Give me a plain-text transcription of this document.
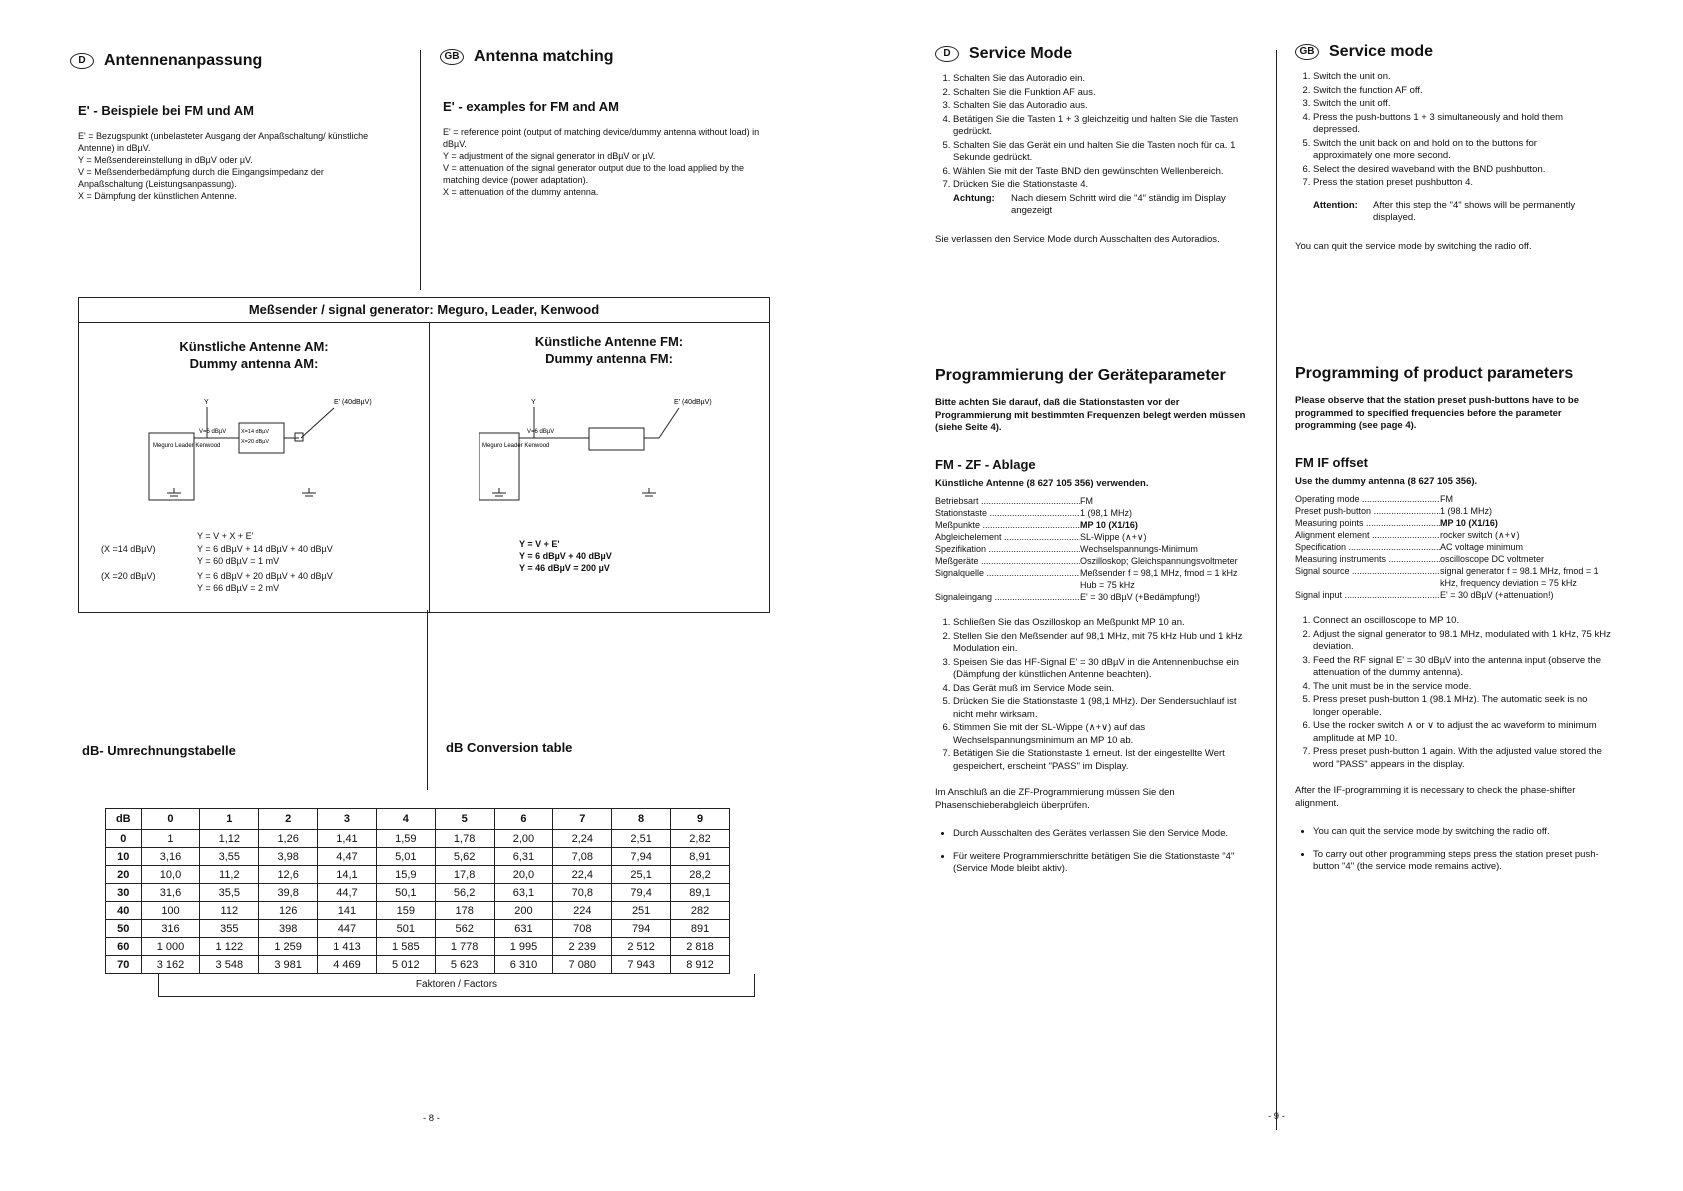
D Antennenanpassung	GB Antenna matching
E' - Beispiele bei FM und AM
E' = Bezugspunkt (unbelasteter Ausgang der Anpaßschaltung/ künstliche Antenne) in dBµV.
Y = Meßsendereinstellung in dBµV oder µV.
V = Meßsenderbedämpfung durch die Eingangsimpedanz der Anpaßschaltung (Leistungsanpassung).
X = Dämpfung der künstlichen Antenne.
E' - examples for FM and AM
E' = reference point (output of matching device/dummy antenna without load) in dBµV.
Y = adjustment of the signal generator in dBµV or µV.
V = attenuation of the signal generator output due to the load applied by the matching device (power adaptation).
X = attenuation of the dummy antenna.
Meßsender / signal generator: Meguro, Leader, Kenwood
Künstliche Antenne AM:
Dummy antenna AM:
Künstliche Antenne FM:
Dummy antenna FM:
Y	E' (40dBµV)
Meguro Leader Kenwood
V=6 dBµV	X=14 dBµV
X=20 dBµV
Y	E' (40dBµV)
Meguro Leader Kenwood
V=6 dBµV
Y = V + X + E'
(X =14 dBµV)	Y = 6 dBµV + 14 dBµV + 40 dBµV
Y = 60 dBµV = 1 mV
(X =20 dBµV)	Y = 6 dBµV + 20 dBµV + 40 dBµV
Y = 66 dBµV = 2 mV
Y = V + E'
Y = 6 dBµV + 40 dBµV
Y = 46 dBµV = 200 µV
dB- Umrechnungstabelle	dB Conversion table
dB	0	1	2	3	4	5	6	7	8	9
0	1	1,12	1,26	1,41	1,59	1,78	2,00	2,24	2,51	2,82
10	3,16	3,55	3,98	4,47	5,01	5,62	6,31	7,08	7,94	8,91
20	10,0	11,2	12,6	14,1	15,9	17,8	20,0	22,4	25,1	28,2
30	31,6	35,5	39,8	44,7	50,1	56,2	63,1	70,8	79,4	89,1
40	100	112	126	141	159	178	200	224	251	282
50	316	355	398	447	501	562	631	708	794	891
60	1 000	1 122	1 259	1 413	1 585	1 778	1 995	2 239	2 512	2 818
70	3 162	3 548	3 981	4 469	5 012	5 623	6 310	7 080	7 943	8 912
Faktoren / Factors
- 8 -
D Service Mode
1. Schalten Sie das Autoradio ein.
2. Schalten Sie die Funktion AF aus.
3. Schalten Sie das Autoradio aus.
4. Betätigen Sie die Tasten 1 + 3 gleichzeitig und halten Sie die Tasten gedrückt.
5. Schalten Sie das Gerät ein und halten Sie die Tasten noch für ca. 1 Sekunde gedrückt.
6. Wählen Sie mit der Taste BND den gewünschten Wellenbereich.
7. Drücken Sie die Stationstaste 4.
Achtung:	Nach diesem Schritt wird die "4" ständig im Display angezeigt
Sie verlassen den Service Mode durch Ausschalten des Autoradios.
GB Service mode
1. Switch the unit on.
2. Switch the function AF off.
3. Switch the unit off.
4. Press the push-buttons 1 + 3 simultaneously and hold them depressed.
5. Switch the unit back on and hold on to the buttons for approximately one more second.
6. Select the desired waveband with the BND pushbutton.
7. Press the station preset pushbutton 4.
Attention:	After this step the "4" shows will be permanently displayed.
You can quit the service mode by switching the radio off.
Programmierung der Geräteparameter
Bitte achten Sie darauf, daß die Stationstasten vor der Programmierung mit bestimmten Frequenzen belegt werden müssen (siehe Seite 4).
FM - ZF - Ablage
Künstliche Antenne (8 627 105 356) verwenden.
Betriebsart .....	FM
Stationstaste .....	1 (98,1 MHz)
Meßpunkte .....	MP 10 (X1/16)
Abgleichelement .....	SL-Wippe (∧+∨)
Spezifikation .....	Wechselspannungs-Minimum
Meßgeräte .....	Oszilloskop; Gleichspannungsvoltmeter
Signalquelle .....	Meßsender f = 98,1 MHz, fmod = 1 kHz Hub = 75 kHz
Signaleingang .....	E' = 30 dBµV (+Bedämpfung!)
1. Schließen Sie das Oszilloskop an Meßpunkt MP 10 an.
2. Stellen Sie den Meßsender auf 98,1 MHz, mit 75 kHz Hub und 1 kHz Modulation ein.
3. Speisen Sie das HF-Signal E' = 30 dBµV in die Antennenbuchse ein (Dämpfung der künstlichen Antenne beachten).
4. Das Gerät muß im Service Mode sein.
5. Drücken Sie die Stationstaste 1 (98,1 MHz). Der Sendersuchlauf ist nicht mehr wirksam.
6. Stimmen Sie mit der SL-Wippe (∧+∨) auf das Wechselspannungsminimum an MP 10 ab.
7. Betätigen Sie die Stationstaste 1 erneut. Ist der eingestellte Wert gespeichert, erscheint "PASS" im Display.
Im Anschluß an die ZF-Programmierung müssen Sie den Phasenschieberabgleich überprüfen.
• Durch Ausschalten des Gerätes verlassen Sie den Service Mode.
• Für weitere Programmierschritte betätigen Sie die Stationstaste "4" (Service Mode bleibt aktiv).
Programming of product parameters
Please observe that the station preset push-buttons have to be programmed to specified frequencies before the parameter programming (see page 4).
FM IF offset
Use the dummy antenna (8 627 105 356).
Operating mode .....	FM
Preset push-button .....	1 (98.1 MHz)
Measuring points .....	MP 10 (X1/16)
Alignment element .....	rocker switch (∧+∨)
Specification .....	AC voltage minimum
Measuring instruments .....	oscilloscope DC voltmeter
Signal source .....	signal generator f = 98.1 MHz, fmod = 1 kHz, frequency deviation = 75 kHz
Signal input .....	E' = 30 dBµV (+attenuation!)
1. Connect an oscilloscope to MP 10.
2. Adjust the signal generator to 98.1 MHz, modulated with 1 kHz, 75 kHz deviation.
3. Feed the RF signal E' = 30 dBµV into the antenna input (observe the attenuation of the dummy antenna).
4. The unit must be in the service mode.
5. Press preset push-button 1 (98.1 MHz). The automatic seek is no longer operable.
6. Use the rocker switch ∧ or ∨ to adjust the ac waveform to minimum amplitude at MP 10.
7. Press preset push-button 1 again. With the adjusted value stored the word "PASS" appears in the display.
After the IF-programming it is necessary to check the phase-shifter alignment.
• You can quit the service mode by switching the radio off.
• To carry out other programming steps press the station preset push-button "4" (the service mode remains active).
- 9 -
